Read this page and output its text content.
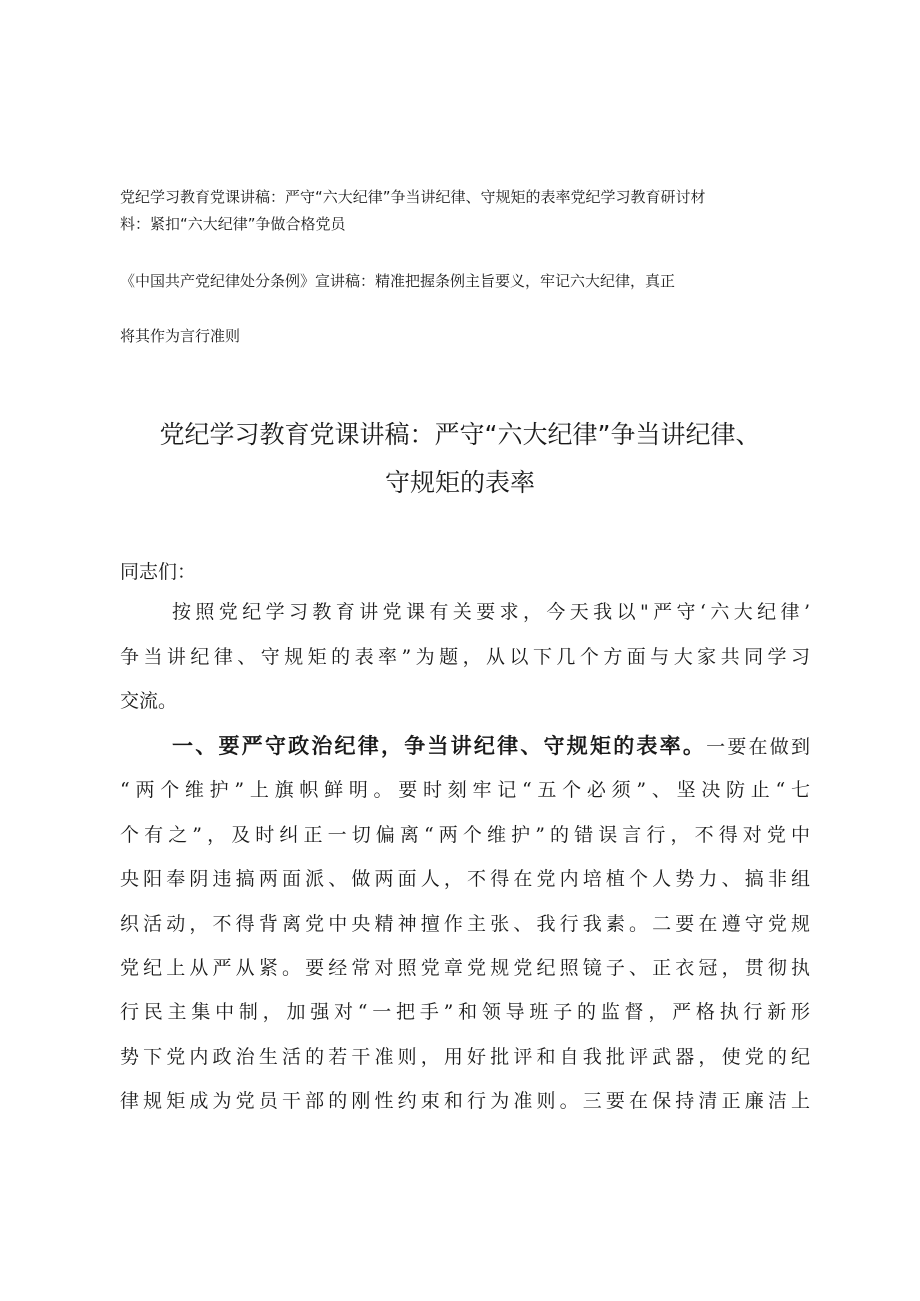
党纪学习教育党课讲稿：严守“六大纪律”争当讲纪律、守规矩的表率党纪学习教育研讨材
料：紧扣“六大纪律”争做合格党员
《中国共产党纪律处分条例》宣讲稿：精准把握条例主旨要义，牢记六大纪律，真正
将其作为言行准则
党纪学习教育党课讲稿：严守“六大纪律”争当讲纪律、
守规矩的表率
同志们：
按照党纪学习教育讲党课有关要求，今天我以"严守‘六大纪律’
争当讲纪律、守规矩的表率”为题，从以下几个方面与大家共同学习
交流。
一、要严守政治纪律，争当讲纪律、守规矩的表率。一要在做到
“两个维护”上旗帜鲜明。要时刻牢记“五个必须”、坚决防止“七
个有之”，及时纠正一切偏离“两个维护”的错误言行，不得对党中
央阳奉阴违搞两面派、做两面人，不得在党内培植个人势力、搞非组
织活动，不得背离党中央精神擅作主张、我行我素。二要在遵守党规
党纪上从严从紧。要经常对照党章党规党纪照镜子、正衣冠，贯彻执
行民主集中制，加强对“一把手”和领导班子的监督，严格执行新形
势下党内政治生活的若干准则，用好批评和自我批评武器，使党的纪
律规矩成为党员干部的刚性约束和行为准则。三要在保持清正廉洁上
